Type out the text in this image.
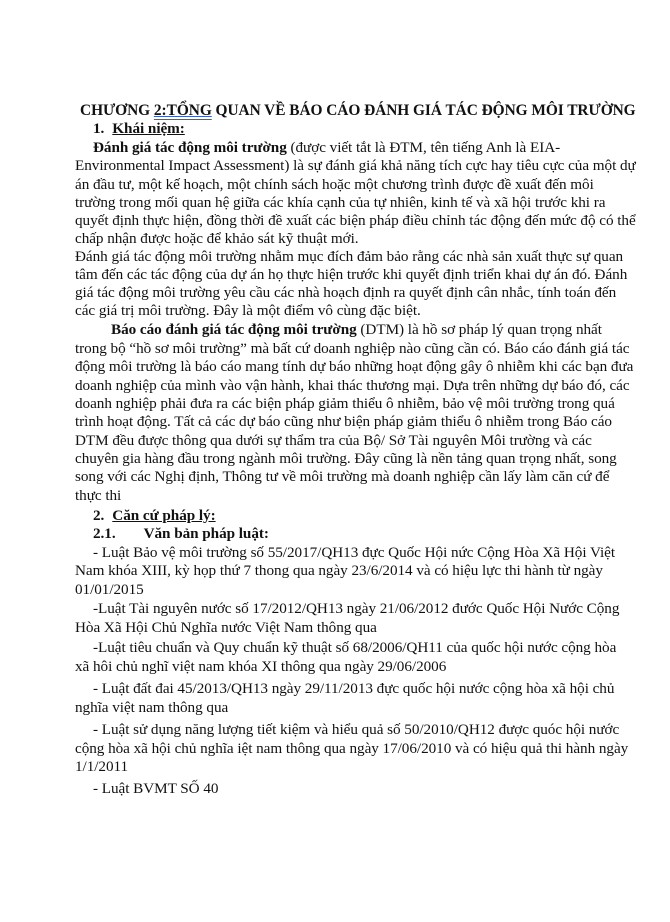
CHƯƠNG 2:TỔNG QUAN VỀ BÁO CÁO ĐÁNH GIÁ TÁC ĐỘNG MÔI TRƯỜNG
1. Khái niệm:
Đánh giá tác động môi trường (được viết tắt là ĐTM, tên tiếng Anh là EIA-
Environmental Impact Assessment) là sự đánh giá khả năng tích cực hay tiêu cực của một dự
án đầu tư, một kế hoạch, một chính sách hoặc một chương trình được đề xuất đến môi
trường trong mối quan hệ giữa các khía cạnh của tự nhiên, kinh tế và xã hội trước khi ra
quyết định thực hiện, đồng thời đề xuất các biện pháp điều chỉnh tác động đến mức độ có thể
chấp nhận được hoặc để khảo sát kỹ thuật mới.
Đánh giá tác động môi trường nhằm mục đích đảm bảo rằng các nhà sản xuất thực sự quan
tâm đến các tác động của dự án họ thực hiện trước khi quyết định triển khai dự án đó. Đánh
giá tác động môi trường yêu cầu các nhà hoạch định ra quyết định cân nhắc, tính toán đến
các giá trị môi trường. Đây là một điểm vô cùng đặc biệt.
Báo cáo đánh giá tác động môi trường (DTM) là hồ sơ pháp lý quan trọng nhất
trong bộ “hồ sơ môi trường” mà bất cứ doanh nghiệp nào cũng cần có. Báo cáo đánh giá tác
động môi trường là báo cáo mang tính dự báo những hoạt động gây ô nhiễm khi các bạn đưa
doanh nghiệp của mình vào vận hành, khai thác thương mại. Dựa trên những dự báo đó, các
doanh nghiệp phải đưa ra các biện pháp giảm thiểu ô nhiễm, bảo vệ môi trường trong quá
trình hoạt động. Tất cả các dự báo cũng như biện pháp giảm thiểu ô nhiễm trong Báo cáo
DTM đều được thông qua dưới sự thẩm tra của Bộ/ Sở Tài nguyên Môi trường và các
chuyên gia hàng đầu trong ngành môi trường. Đây cũng là nền tảng quan trọng nhất, song
song với các Nghị định, Thông tư về môi trường mà doanh nghiệp cần lấy làm căn cứ để
thực thi
2. Căn cứ pháp lý:
2.1. Văn bản pháp luật:
- Luật Bảo vệ môi trường số 55/2017/QH13 đực Quốc Hội nức Cộng Hòa Xã Hội Việt
Nam khóa XIII, kỳ họp thứ 7 thong qua ngày 23/6/2014 và có hiệu lực thi hành từ ngày
01/01/2015
-Luật Tài nguyên nước số 17/2012/QH13 ngày 21/06/2012 đước Quốc Hội Nước Cộng
Hòa Xã Hội Chủ Nghĩa nước Việt Nam thông qua
-Luật tiêu chuẩn và Quy chuẩn kỹ thuật số 68/2006/QH11 của quốc hội nước cộng hòa
xã hôi chủ nghĩ việt nam khóa XI thông qua ngày 29/06/2006
- Luật đất đai 45/2013/QH13 ngày 29/11/2013 đực quốc hội nước cộng hòa xã hội chủ
nghĩa việt nam thông qua
- Luật sử dụng năng lượng tiết kiệm và hiểu quả số 50/2010/QH12 được quóc hội nước
cộng hòa xã hội chủ nghĩa iệt nam thông qua ngày 17/06/2010 và có hiệu quả thi hành ngày
1/1/2011
- Luật BVMT SỐ 40
